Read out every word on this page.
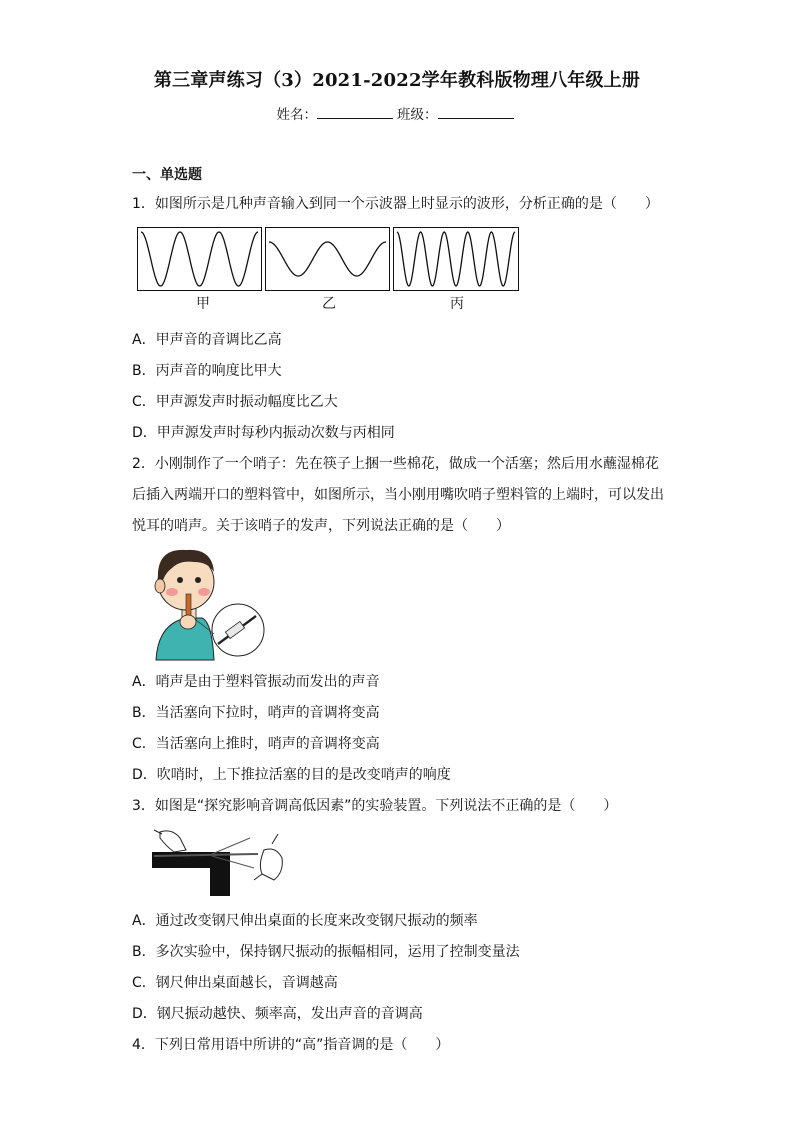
第三章声练习（3）2021-2022学年教科版物理八年级上册
姓名：	班级：
一、单选题
1．如图所示是几种声音输入到同一个示波器上时显示的波形，分析正确的是（　　）
甲	乙	丙
A．甲声音的音调比乙高
B．丙声音的响度比甲大
C．甲声源发声时振动幅度比乙大
D．甲声源发声时每秒内振动次数与丙相同
2．小刚制作了一个哨子：先在筷子上捆一些棉花，做成一个活塞；然后用水蘸湿棉花
后插入两端开口的塑料管中，如图所示，当小刚用嘴吹哨子塑料管的上端时，可以发出
悦耳的哨声。关于该哨子的发声，下列说法正确的是（　　）
A．哨声是由于塑料管振动而发出的声音
B．当活塞向下拉时，哨声的音调将变高
C．当活塞向上推时，哨声的音调将变高
D．吹哨时，上下推拉活塞的目的是改变哨声的响度
3．如图是“探究影响音调高低因素”的实验装置。下列说法不正确的是（　　）
A．通过改变钢尺伸出桌面的长度来改变钢尺振动的频率
B．多次实验中，保持钢尺振动的振幅相同，运用了控制变量法
C．钢尺伸出桌面越长，音调越高
D．钢尺振动越快、频率高，发出声音的音调高
4．下列日常用语中所讲的“高”指音调的是（　　）
